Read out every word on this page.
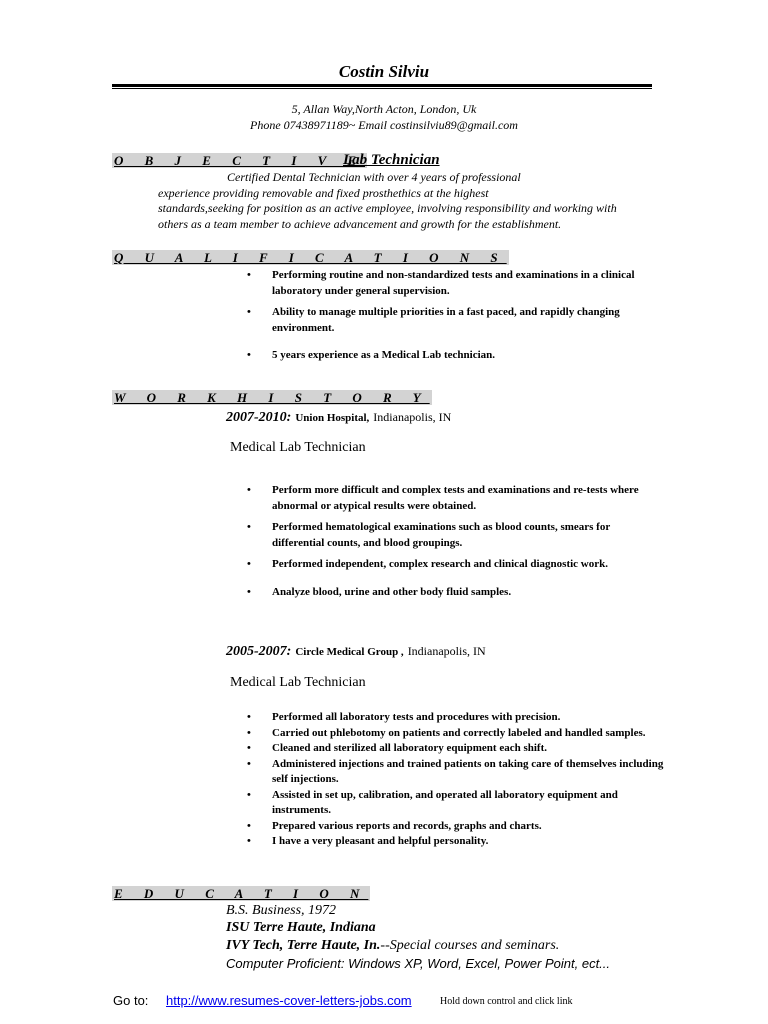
Costin Silviu
5, Allan Way,North Acton, London, Uk
Phone 07438971189~ Email costinsilviu89@gmail.com
O B J E C T I V E
Lab Technician
Certified Dental Technician with over 4 years of professional
experience providing removable and fixed prosthethics at the highest
standards,seeking for position as an active employee, involving responsibility and working with
others as a team member to achieve advancement and growth for the establishment.
Q U A L I F I C A T I O N S
• Performing routine and non-standardized tests and examinations in a clinical laboratory under general supervision.
• Ability to manage multiple priorities in a fast paced, and rapidly changing environment.
• 5 years experience as a Medical Lab technician.
W O R K H I S T O R Y
2007-2010: Union Hospital, Indianapolis, IN
Medical Lab Technician
• Perform more difficult and complex tests and examinations and re-tests where abnormal or atypical results were obtained.
• Performed hematological examinations such as blood counts, smears for differential counts, and blood groupings.
• Performed independent, complex research and clinical diagnostic work.
• Analyze blood, urine and other body fluid samples.
2005-2007: Circle Medical Group , Indianapolis, IN
Medical Lab Technician
• Performed all laboratory tests and procedures with precision.
• Carried out phlebotomy on patients and correctly labeled and handled samples.
• Cleaned and sterilized all laboratory equipment each shift.
• Administered injections and trained patients on taking care of themselves including self injections.
• Assisted in set up, calibration, and operated all laboratory equipment and instruments.
• Prepared various reports and records, graphs and charts.
• I have a very pleasant and helpful personality.
E D U C A T I O N
B.S. Business, 1972
ISU Terre Haute, Indiana
IVY Tech, Terre Haute, In.--Special courses and seminars.
Computer Proficient: Windows XP, Word, Excel, Power Point, ect...
Go to: http://www.resumes-cover-letters-jobs.com	Hold down control and click link
